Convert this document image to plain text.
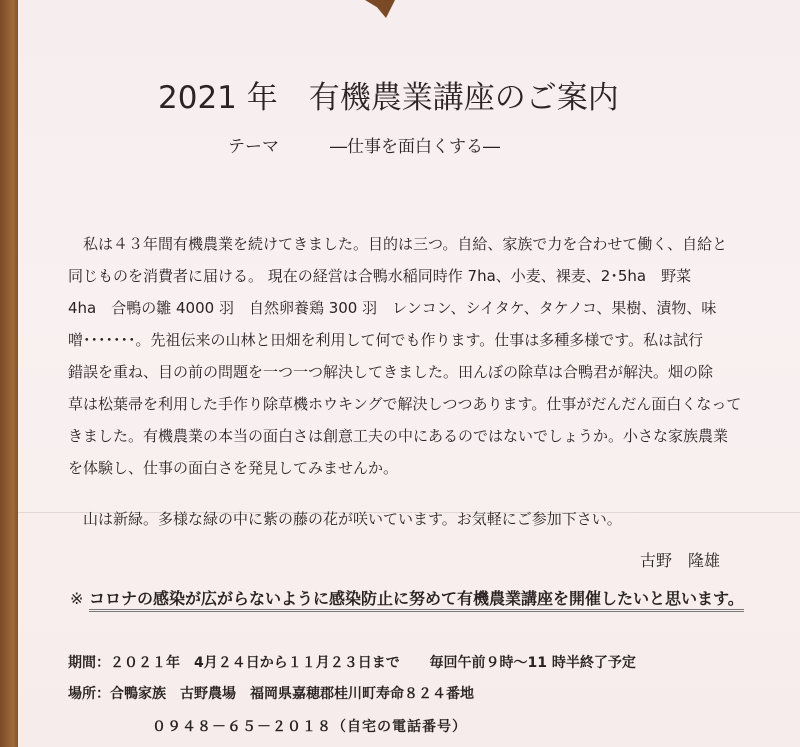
2021 年　有機農業講座のご案内
テーマ	―仕事を面白くする―
　私は４３年間有機農業を続けてきました。目的は三つ。自給、家族で力を合わせて働く、自給と
同じものを消費者に届ける。 現在の経営は合鴨水稲同時作 7ha、小麦、裸麦、2･5ha　野菜
4ha　合鴨の雛 4000 羽　自然卵養鶏 300 羽　レンコン、シイタケ、タケノコ、果樹、漬物、味
噌･･･････。先祖伝来の山林と田畑を利用して何でも作ります。仕事は多種多様です。私は試行
錯誤を重ね、目の前の問題を一つ一つ解決してきました。田んぼの除草は合鴨君が解決。畑の除
草は松葉帚を利用した手作り除草機ホウキングで解決しつつあります。仕事がだんだん面白くなって
きました。有機農業の本当の面白さは創意工夫の中にあるのではないでしょうか。小さな家族農業
を体験し、仕事の面白さを発見してみませんか。
　山は新緑。多様な緑の中に紫の藤の花が咲いています。お気軽にご参加下さい。
古野　隆雄
※ コロナの感染が広がらないように感染防止に努めて有機農業講座を開催したいと思います。
期間：２０２１年　4月２４日から１１月２３日まで 毎回午前９時～11 時半終了予定
場所：合鴨家族　古野農場　福岡県嘉穂郡桂川町寿命８２４番地
０９４８－６５－２０１８（自宅の電話番号）
